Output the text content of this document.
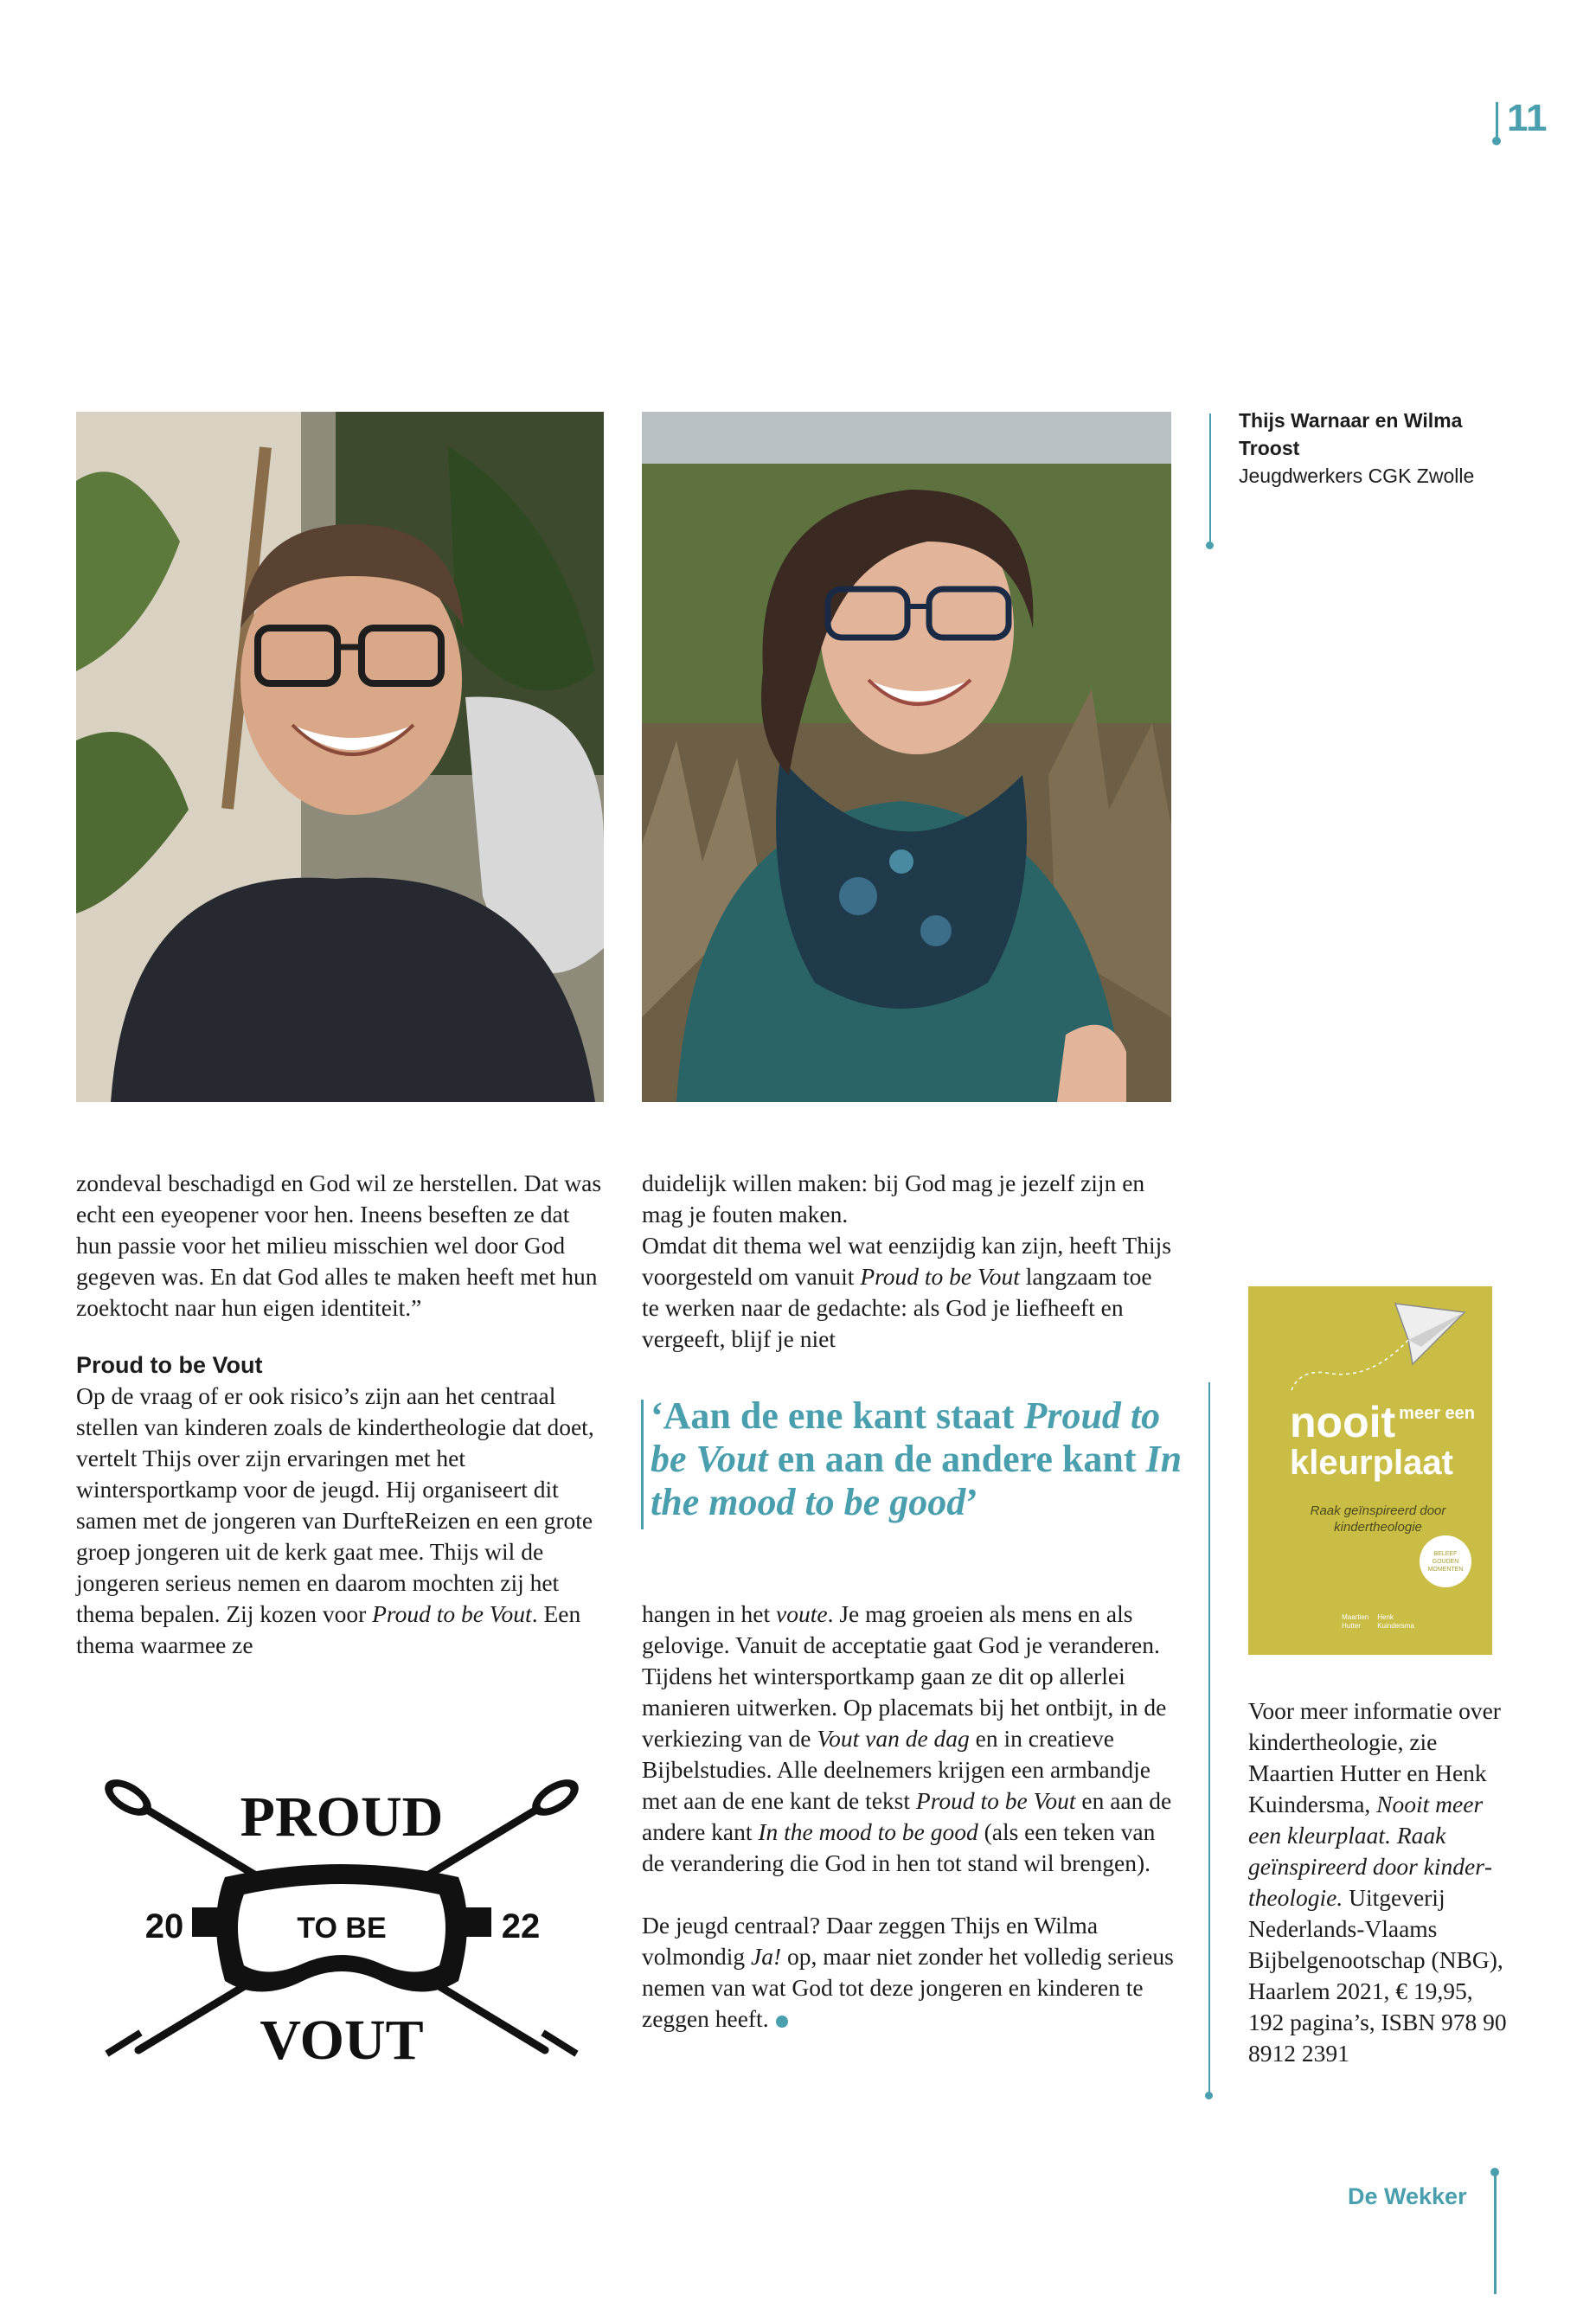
11
Thijs Warnaar en Wilma Troost
Jeugdwerkers CGK Zwolle

zondeval beschadigd en God wil ze herstellen. Dat was echt een eyeopener voor hen. Ineens beseften ze dat hun passie voor het milieu misschien wel door God gegeven was. En dat God alles te maken heeft met hun zoektocht naar hun eigen identiteit.”

Proud to be Vout

Op de vraag of er ook risico’s zijn aan het centraal stellen van kinderen zoals de kindertheologie dat doet, vertelt Thijs over zijn ervaringen met het wintersportkamp voor de jeugd. Hij organiseert dit samen met de jongeren van DurfteReizen en een grote groep jongeren uit de kerk gaat mee. Thijs wil de jongeren serieus nemen en daarom mochten zij het thema bepalen. Zij kozen voor Proud to be Vout. Een thema waarmee ze

PROUD
TO BE
20	22
VOUT

duidelijk willen maken: bij God mag je jezelf zijn en mag je fouten maken.

Omdat dit thema wel wat eenzijdig kan zijn, heeft Thijs voorgesteld om vanuit Proud to be Vout langzaam toe te werken naar de gedachte: als God je liefheeft en vergeeft, blijf je niet

‘Aan de ene kant staat Proud to be Vout en aan de andere kant In the mood to be good’

hangen in het voute. Je mag groeien als mens en als gelovige. Vanuit de acceptatie gaat God je veranderen.

Tijdens het wintersportkamp gaan ze dit op allerlei manieren uitwerken. Op placemats bij het ontbijt, in de verkiezing van de Vout van de dag en in creatieve Bijbelstudies. Alle deelnemers krijgen een armbandje met aan de ene kant de tekst Proud to be Vout en aan de andere kant In the mood to be good (als een teken van de verandering die God in hen tot stand wil brengen).

De jeugd centraal? Daar zeggen Thijs en Wilma volmondig Ja! op, maar niet zonder het volledig serieus nemen van wat God tot deze jongeren en kinderen te zeggen heeft.

nooit meer een
kleurplaat
Raak geïnspireerd door kindertheologie
BELEEF GOUDEN MOMENTEN
Maartien
Hutter
Henk
Kuindersma
Voor meer informatie over kindertheologie, zie Maartien Hutter en Henk Kuindersma, Nooit meer een kleurplaat. Raak geïnspireerd door kindertheologie. Uitgeverij Nederlands-Vlaams Bijbelgenootschap (NBG), Haarlem 2021, € 19,95, 192 pagina’s, ISBN 978 90 8912 2391
De Wekker
